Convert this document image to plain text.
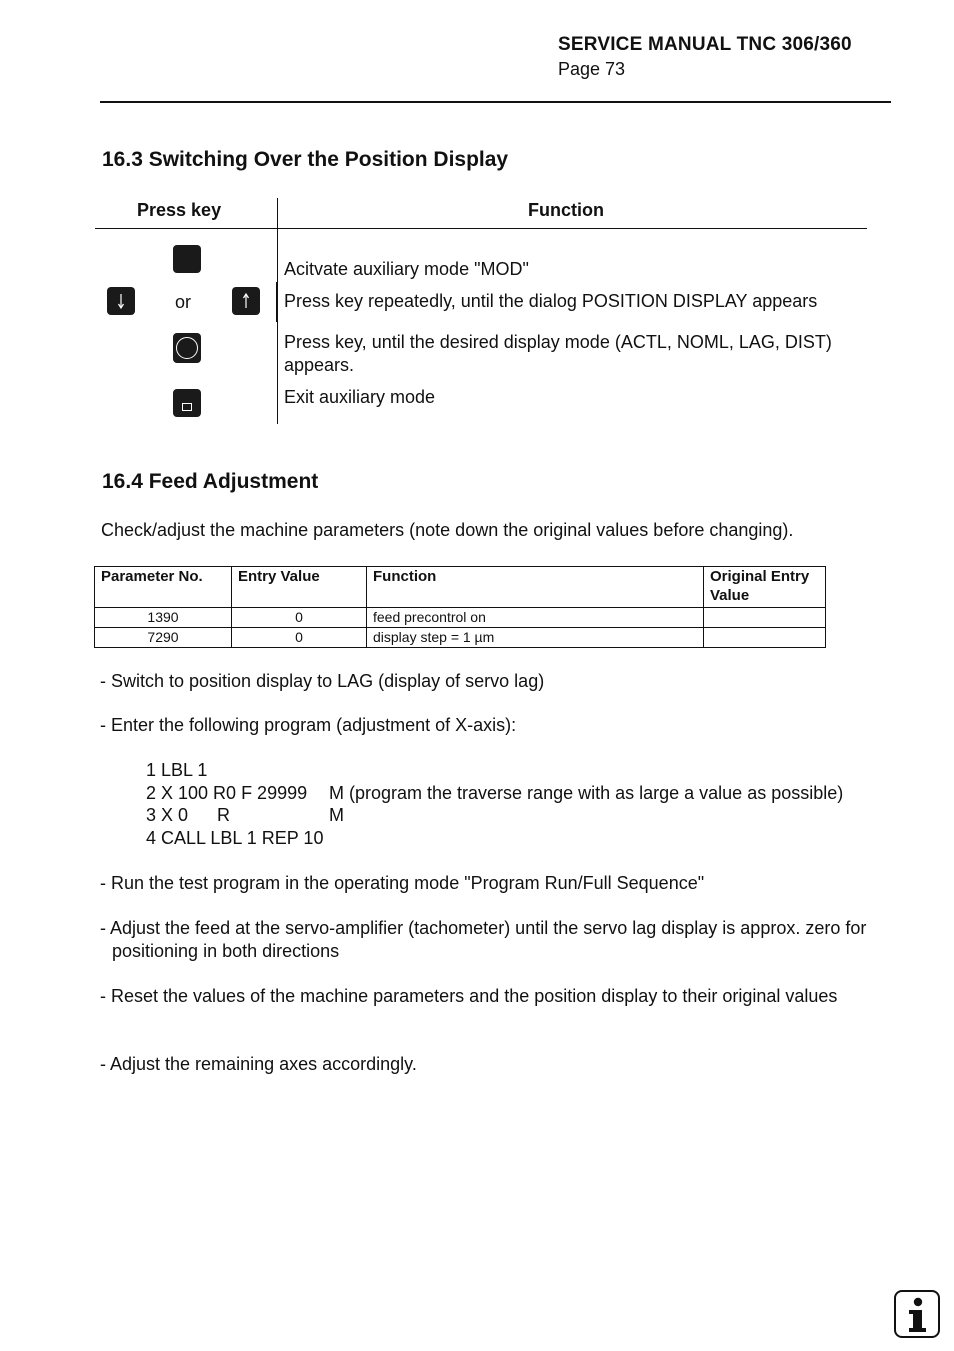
SERVICE MANUAL TNC 306/360
Page 73
16.3 Switching Over the Position Display
Press key	Function
or
Acitvate auxiliary mode "MOD"
Press key repeatedly, until the dialog POSITION DISPLAY appears
Press key, until the desired display mode (ACTL, NOML, LAG, DIST) appears.
Exit auxiliary mode
16.4 Feed Adjustment
Check/adjust the machine parameters (note down the original values before changing).
Parameter No.	Entry Value	Function	Original Entry Value
1390	0	feed precontrol on	
7290	0	display step = 1 µm	
- Switch to position display to LAG (display of servo lag)
- Enter the following program (adjustment of X-axis):
1 LBL 1
2 X 100 R0 F 29999 M (program the traverse range with as large a value as possible)
3 X 0 R	M
4 CALL LBL 1 REP 10
- Run the test program in the operating mode "Program Run/Full Sequence"
- Adjust the feed at the servo-amplifier (tachometer) until the servo lag display is approx. zero for positioning in both directions
- Reset the values of the machine parameters and the position display to their original values
- Adjust the remaining axes accordingly.
